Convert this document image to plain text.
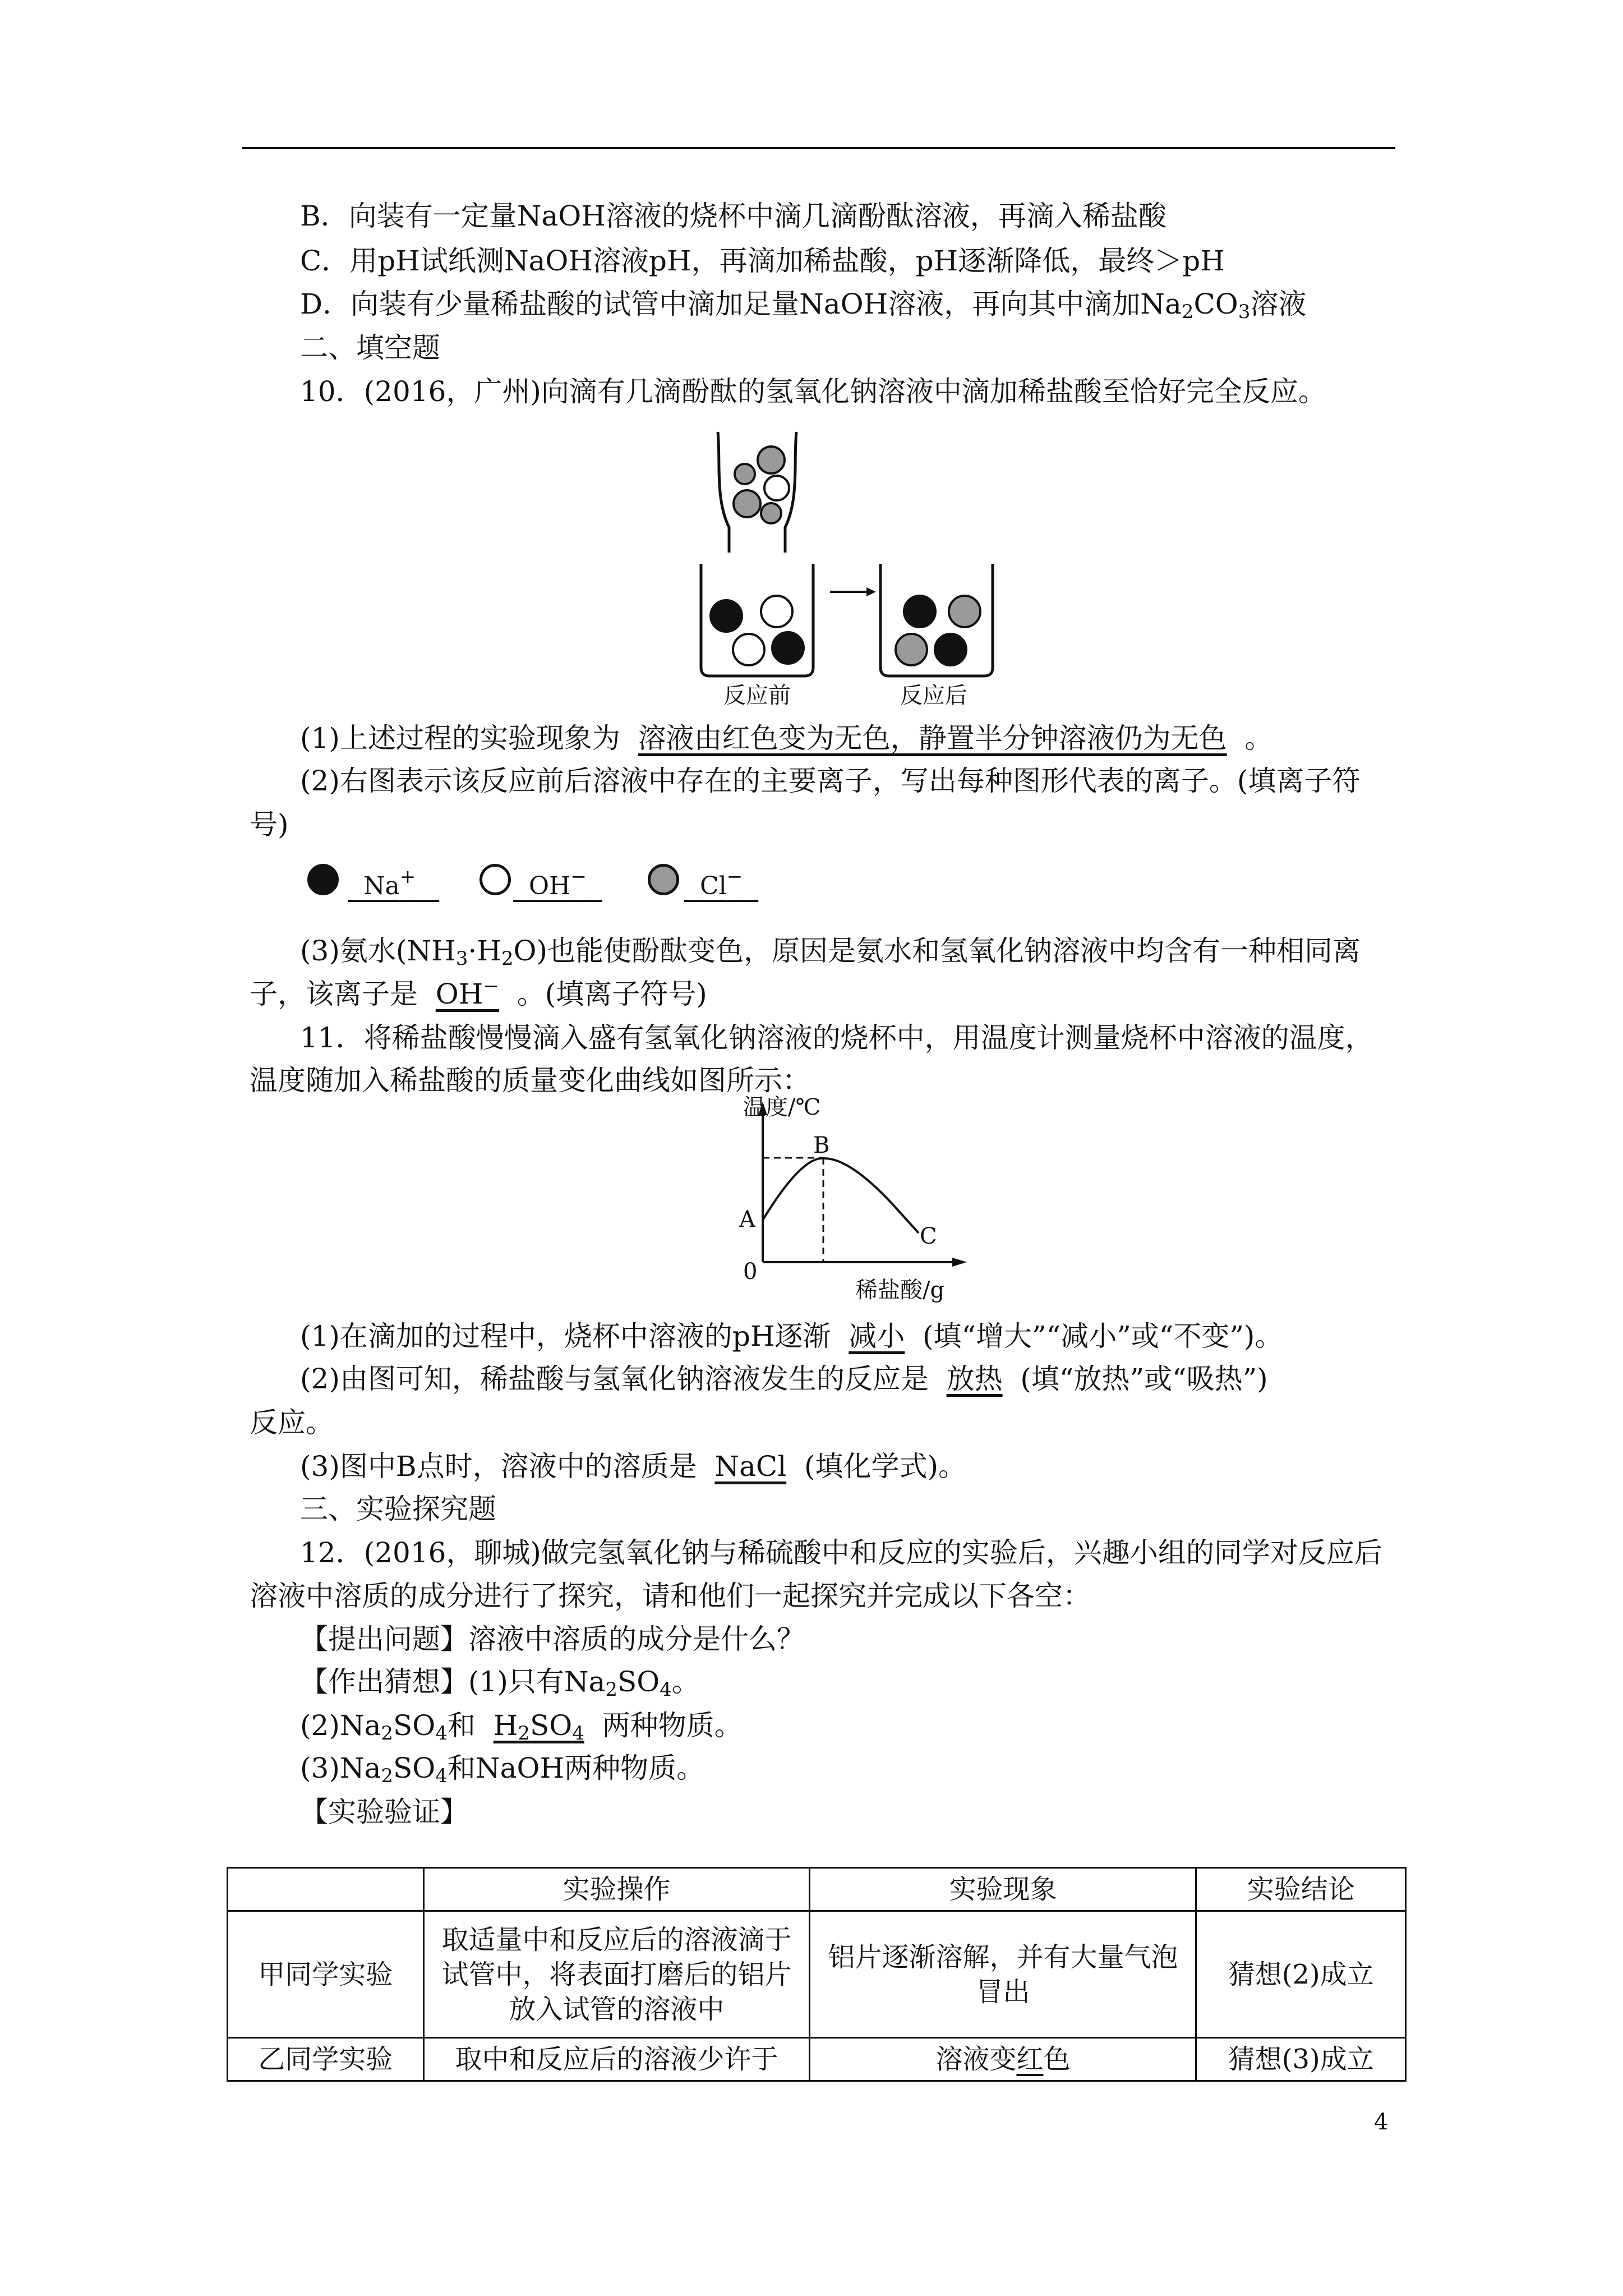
B．向装有一定量NaOH溶液的烧杯中滴几滴酚酞溶液，再滴入稀盐酸
C．用pH试纸测NaOH溶液pH，再滴加稀盐酸，pH逐渐降低，最终＞pH
D．向装有少量稀盐酸的试管中滴加足量NaOH溶液，再向其中滴加$Na_2CO_3$溶液
二、填空题
10．(2016，广州)向滴有几滴酚酞的氢氧化钠溶液中滴加稀盐酸至恰好完全反应。
反应前	反应后
(1)上述过程的实验现象为 溶液由红色变为无色，静置半分钟溶液仍为无色 。
(2)右图表示该反应前后溶液中存在的主要离子，写出每种图形代表的离子。(填离子符
号)
Na+	OH−	Cl−
(3)氨水$(NH_3\cdot H_2O)$也能使酚酞变色，原因是氨水和氢氧化钠溶液中均含有一种相同离
子，该离子是 OH− 。(填离子符号)
11．将稀盐酸慢慢滴入盛有氢氧化钠溶液的烧杯中，用温度计测量烧杯中溶液的温度，
温度随加入稀盐酸的质量变化曲线如图所示：
温度/℃
B
A
C
0
稀盐酸/g
(1)在滴加的过程中，烧杯中溶液的pH逐渐 减小 (填“增大”“减小”或“不变”)。
(2)由图可知，稀盐酸与氢氧化钠溶液发生的反应是 放热 (填“放热”或“吸热”)
反应。
(3)图中B点时，溶液中的溶质是 NaCl (填化学式)。
三、实验探究题
12．(2016，聊城)做完氢氧化钠与稀硫酸中和反应的实验后，兴趣小组的同学对反应后
溶液中溶质的成分进行了探究，请和他们一起探究并完成以下各空：
【提出问题】溶液中溶质的成分是什么？
【作出猜想】(1)只有$Na_2SO_4$。
$(2)Na_2SO_4$和 $H_2SO_4$ 两种物质。
$(3)Na_2SO_4$和NaOH两种物质。
【实验验证】
	实验操作	实验现象	实验结论
甲同学实验	取适量中和反应后的溶液滴于试管中，将表面打磨后的铝片放入试管的溶液中	铝片逐渐溶解，并有大量气泡冒出	猜想(2)成立
乙同学实验	取中和反应后的溶液少许于	溶液变红色	猜想(3)成立
4
